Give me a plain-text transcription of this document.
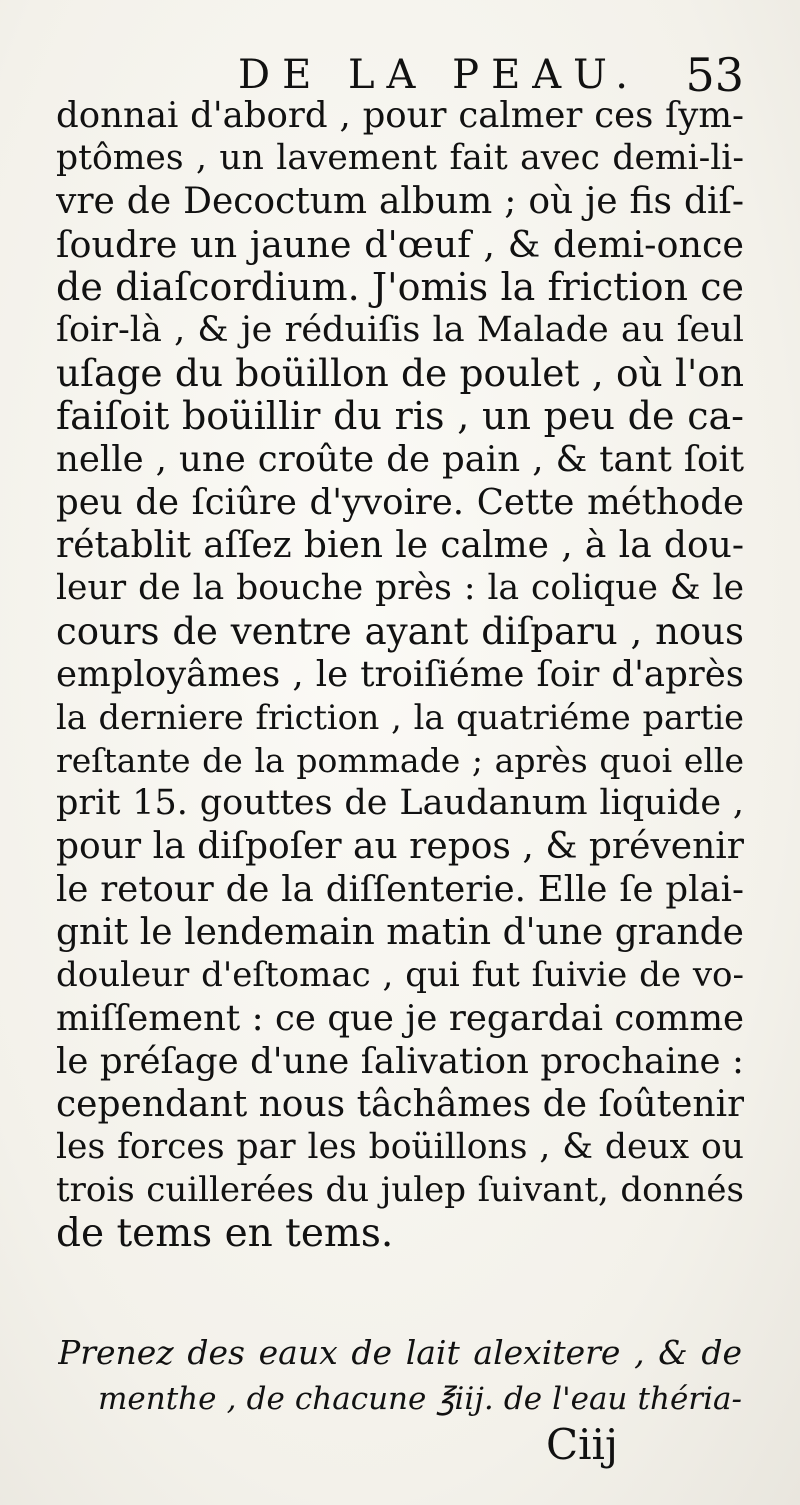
DE LA PEAU. 53
donnai d'abord , pour calmer ces ſym-
ptômes , un lavement fait avec demi-li-
vre de Decoctum album ; où je fis diſ-
ſoudre un jaune d'œuf , & demi-once
de diaſcordium. J'omis la friction ce
ſoir-là , & je réduiſis la Malade au ſeul
uſage du boüillon de poulet , où l'on
faiſoit boüillir du ris , un peu de ca-
nelle , une croûte de pain , & tant ſoit
peu de ſciûre d'yvoire. Cette méthode
rétablit aſſez bien le calme , à la dou-
leur de la bouche près : la colique & le
cours de ventre ayant diſparu , nous
employâmes , le troiſiéme ſoir d'après
la derniere friction , la quatriéme partie
reſtante de la pommade ; après quoi elle
prit 15. gouttes de Laudanum liquide ,
pour la diſpoſer au repos , & prévenir
le retour de la diſſenterie. Elle ſe plai-
gnit le lendemain matin d'une grande
douleur d'eſtomac , qui fut ſuivie de vo-
miſſement : ce que je regardai comme
le préſage d'une ſalivation prochaine :
cependant nous tâchâmes de ſoûtenir
les forces par les boüillons , & deux ou
trois cuillerées du julep ſuivant, donnés
de tems en tems.
Prenez des eaux de lait alexitere , & de
menthe , de chacune ℥iij. de l'eau thériа-
Ciij
